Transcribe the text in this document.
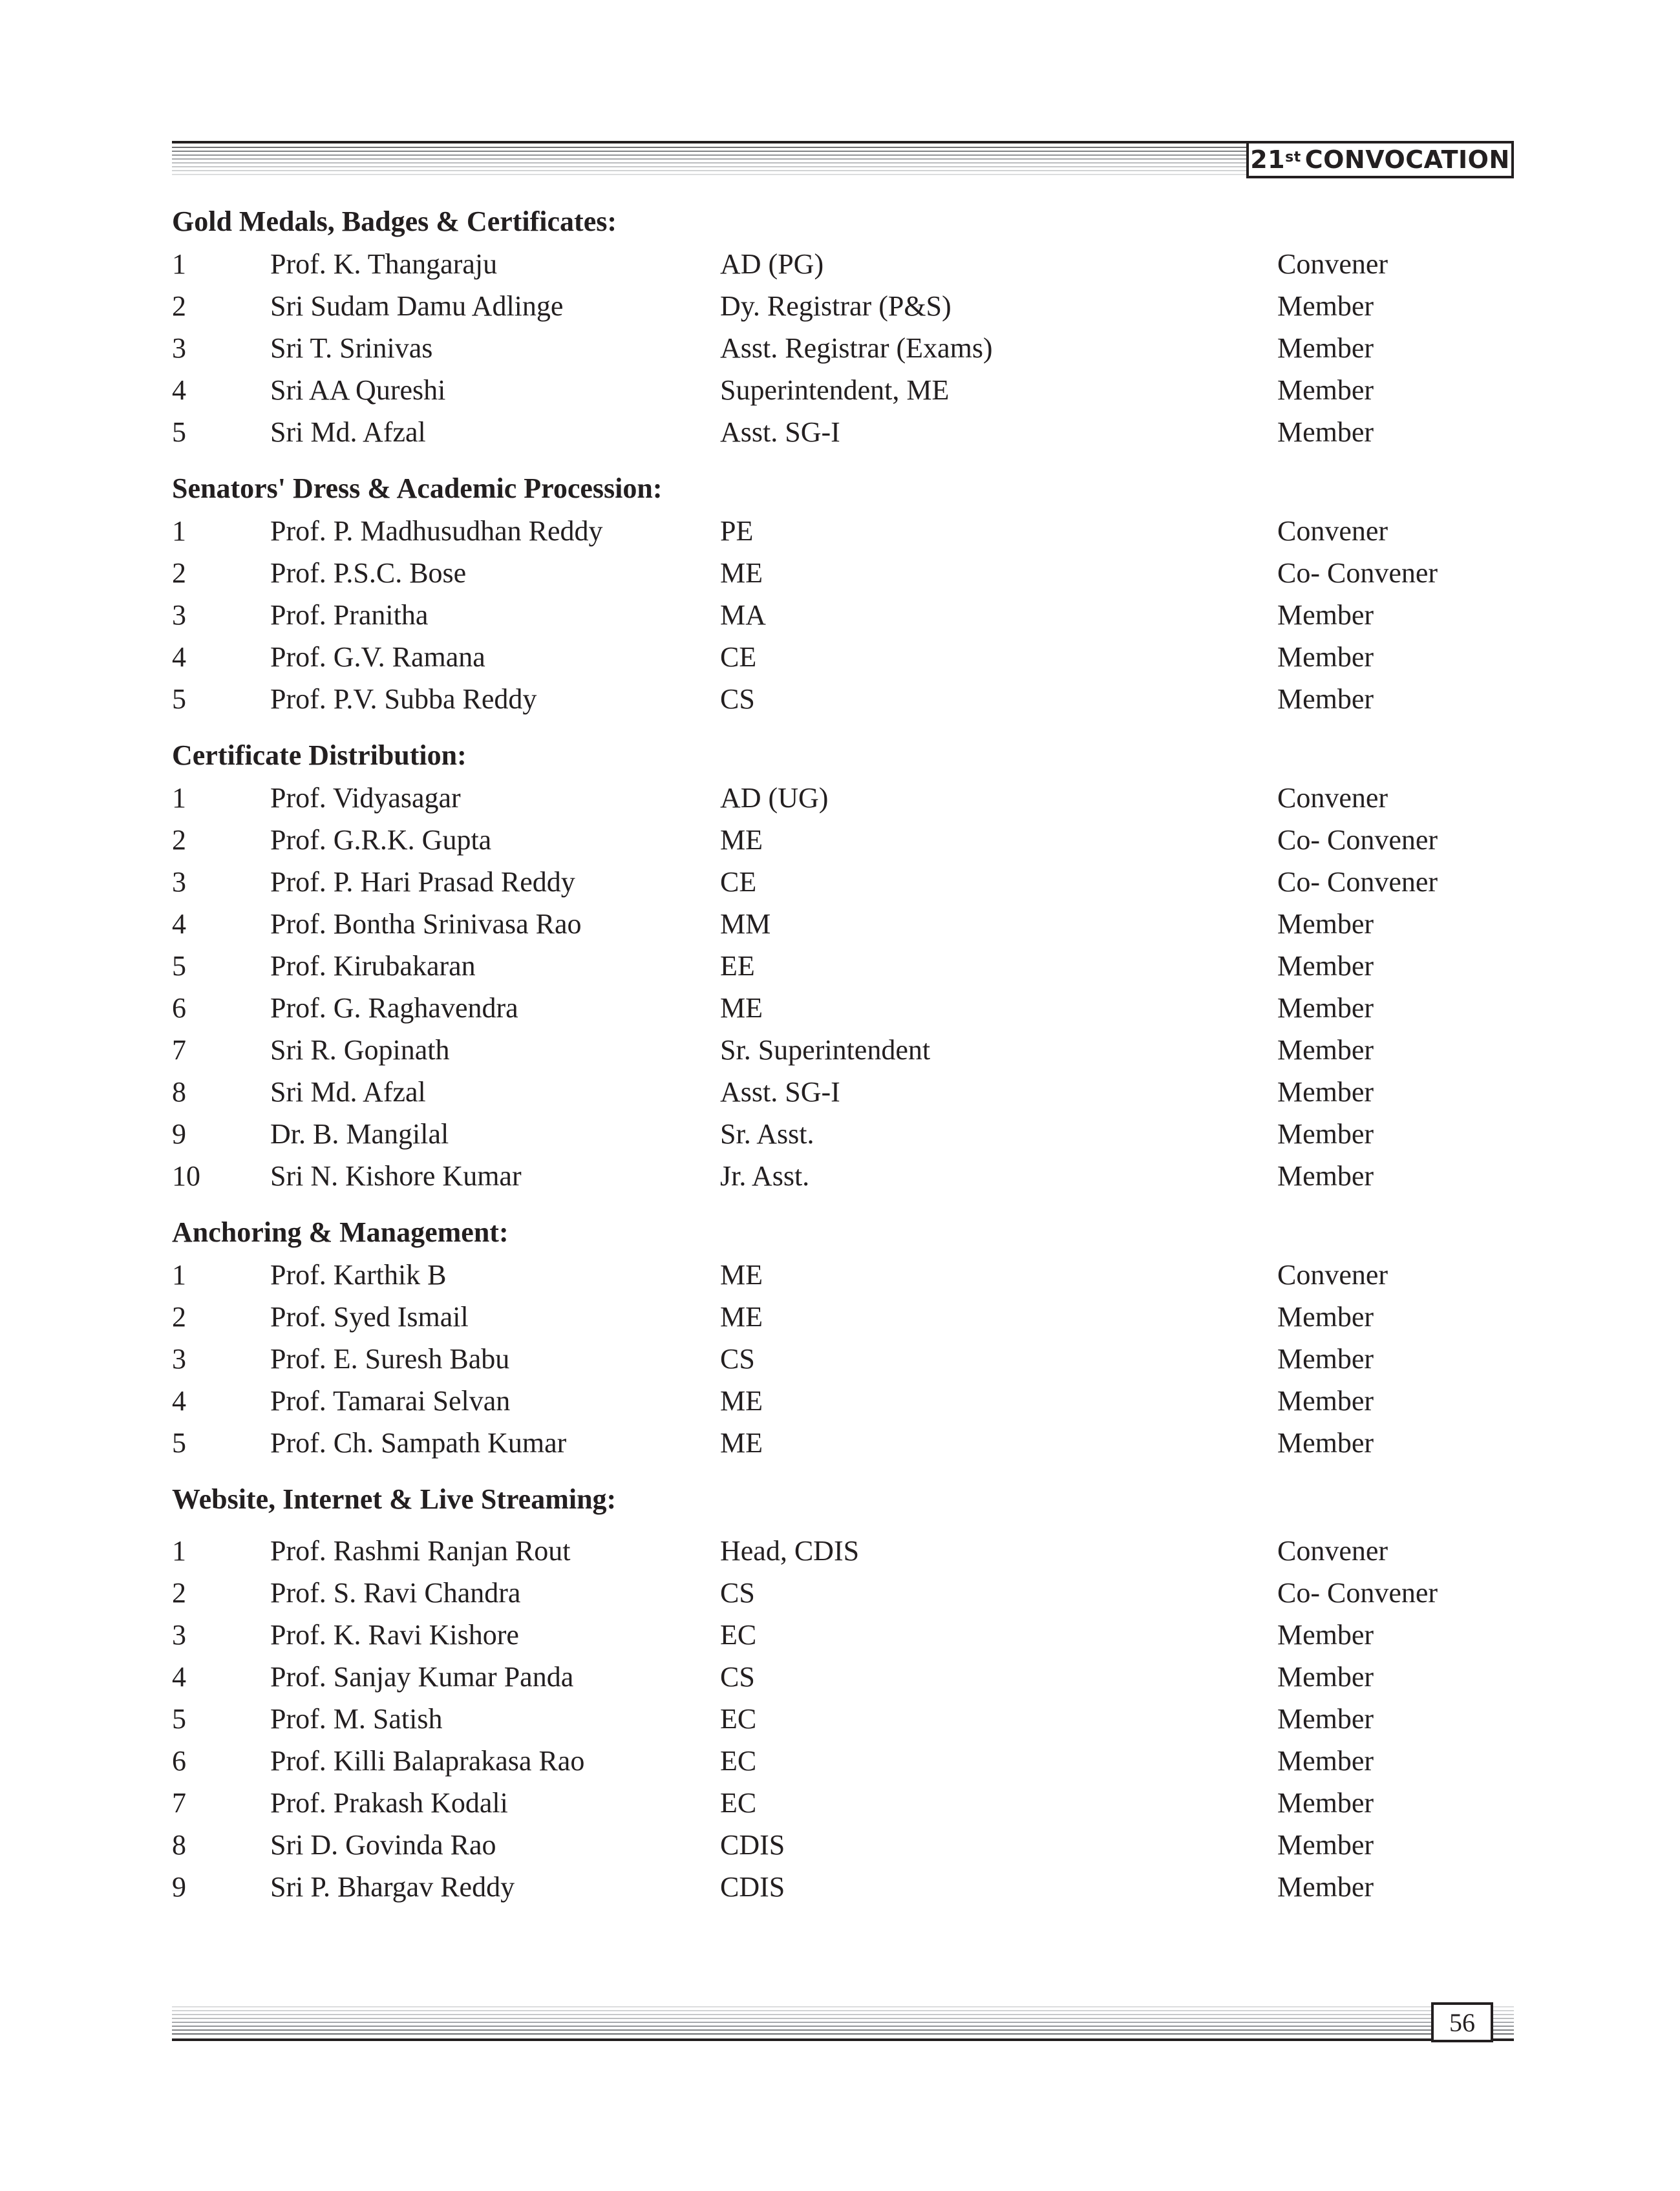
21st CONVOCATION
Gold Medals, Badges & Certificates:
1	Prof. K. Thangaraju	AD (PG)	Convener
2	Sri Sudam Damu Adlinge	Dy. Registrar (P&S)	Member
3	Sri T. Srinivas	Asst. Registrar (Exams)	Member
4	Sri AA Qureshi	Superintendent, ME	Member
5	Sri Md. Afzal	Asst. SG-I	Member
Senators' Dress & Academic Procession:
1	Prof. P. Madhusudhan Reddy	PE	Convener
2	Prof. P.S.C. Bose	ME	Co- Convener
3	Prof. Pranitha	MA	Member
4	Prof. G.V. Ramana	CE	Member
5	Prof. P.V. Subba Reddy	CS	Member
Certificate Distribution:
1	Prof. Vidyasagar	AD (UG)	Convener
2	Prof. G.R.K. Gupta	ME	Co- Convener
3	Prof. P. Hari Prasad Reddy	CE	Co- Convener
4	Prof. Bontha Srinivasa Rao	MM	Member
5	Prof. Kirubakaran	EE	Member
6	Prof. G. Raghavendra	ME	Member
7	Sri R. Gopinath	Sr. Superintendent	Member
8	Sri Md. Afzal	Asst. SG-I	Member
9	Dr. B. Mangilal	Sr. Asst.	Member
10	Sri N. Kishore Kumar	Jr. Asst.	Member
Anchoring & Management:
1	Prof. Karthik B	ME	Convener
2	Prof. Syed Ismail	ME	Member
3	Prof. E. Suresh Babu	CS	Member
4	Prof. Tamarai Selvan	ME	Member
5	Prof. Ch. Sampath Kumar	ME	Member
Website, Internet & Live Streaming:
1	Prof. Rashmi Ranjan Rout	Head, CDIS	Convener
2	Prof. S. Ravi Chandra	CS	Co- Convener
3	Prof. K. Ravi Kishore	EC	Member
4	Prof. Sanjay Kumar Panda	CS	Member
5	Prof. M. Satish	EC	Member
6	Prof. Killi Balaprakasa Rao	EC	Member
7	Prof. Prakash Kodali	EC	Member
8	Sri D. Govinda Rao	CDIS	Member
9	Sri P. Bhargav Reddy	CDIS	Member
56
